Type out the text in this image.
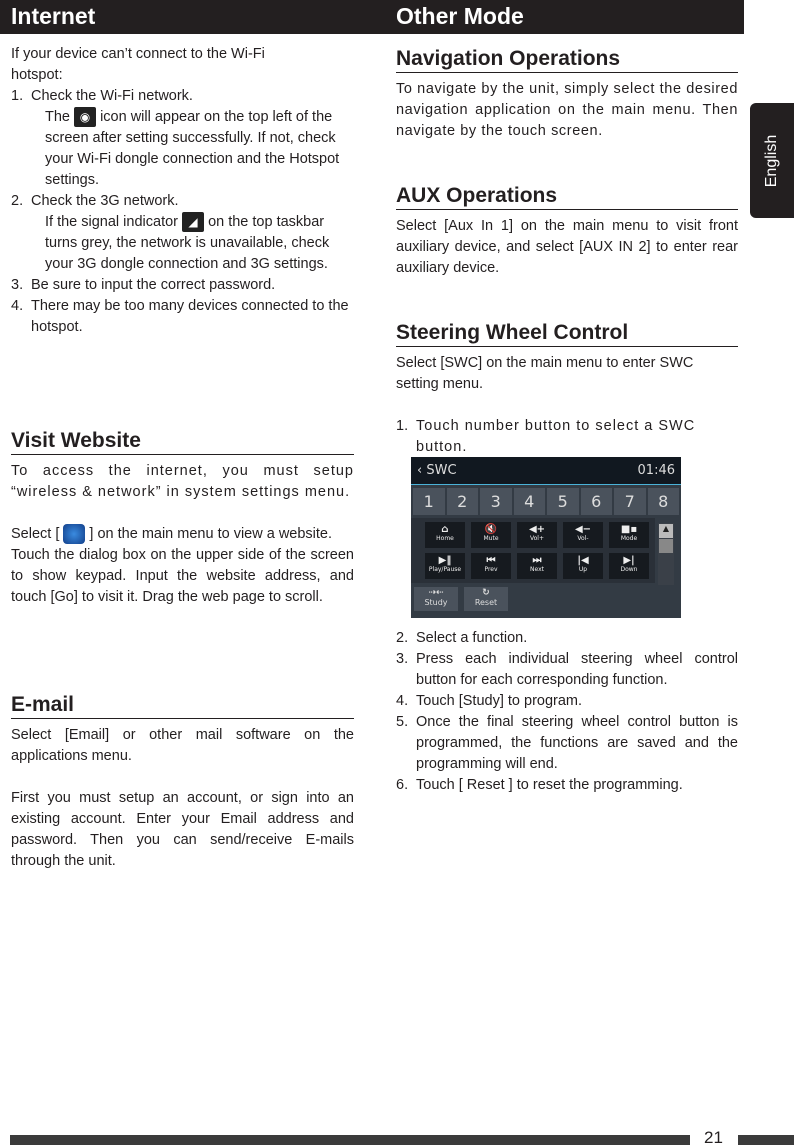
Internet	Other Mode
English

If your device can’t connect to the Wi-Fi hotspot:

1. Check the Wi-Fi network.
The ◉ icon will appear on the top left of the screen after setting successfully. If not, check your Wi-Fi dongle connection and the Hotspot settings.
2. Check the 3G network.
If the signal indicator ◢ on the top taskbar turns grey, the network is unavailable, check your 3G dongle connection and 3G settings.
3. Be sure to input the correct password.
4. There may be too many devices connected to the hotspot.
Visit Website

To access the internet, you must setup “wireless & network” in system settings menu.

Select [ ] on the main menu to view a website.

Touch the dialog box on the upper side of the screen to show keypad. Input the website address, and touch [Go] to visit it. Drag the web page to scroll.

E-mail

Select [Email] or other mail software on the applications menu.

First you must setup an account, or sign into an existing account. Enter your Email address and password. Then you can send/receive E-mails through the unit.

Navigation Operations

To navigate by the unit, simply select the desired navigation application on the main menu. Then navigate by the touch screen.

AUX Operations

Select [Aux In 1] on the main menu to visit front auxiliary device, and select [AUX IN 2] to enter rear auxiliary device.

Steering Wheel Control

Select [SWC] on the main menu to enter SWC setting menu.

1. Touch number button to select a SWC button.
2. Select a function.
3. Press each individual steering wheel control button for each corresponding function.
4. Touch [Study] to program.
5. Once the final steering wheel control button is programmed, the functions are saved and the programming will end.
6. Touch [ Reset ] to reset the programming.
‹ SWC	01:46
1	2	3	4	5	6	7	8
⌂
Home
🔇
Mute
◀+
Vol+
◀−
Vol-
■▪
Mode
▶‖
Play/Pause
⏮
Prev
⏭
Next
|◀
Up
▶|
Down
▲
⇢⇠
Study
↻
Reset
21
